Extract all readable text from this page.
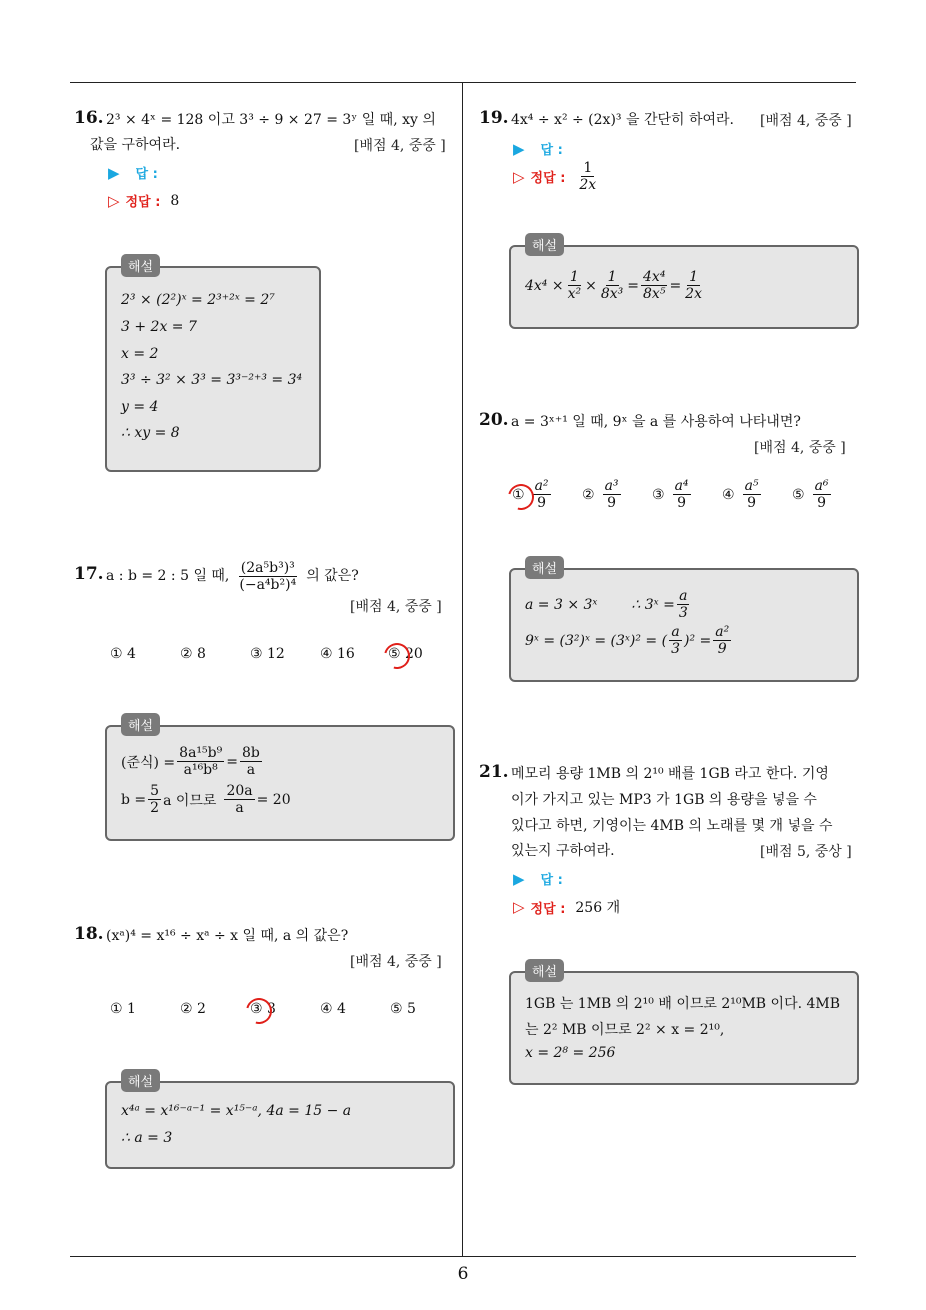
6
16. 2³ × 4ˣ = 128 이고 3³ ÷ 9 × 27 = 3ʸ 일 때, xy 의
값을 구하여라.	[배점 4, 중중 ]
▶ 답 :
▷ 정답 : 8
해설
2³ × (2²)ˣ = 2³⁺²ˣ = 2⁷
3 + 2x = 7
x = 2
3³ ÷ 3² × 3³ = 3³⁻²⁺³ = 3⁴
y = 4
∴ xy = 8
17. a : b = 2 : 5 일 때, $\frac{\text{(2a⁵b³)³}}{\text{(−a⁴b²)⁴}}$ 의 값은?
[배점 4, 중중 ]
① 4	② 8	③ 12	④ 16 ⑤ 20
해설
(준식) = $\frac{\text{8a¹⁵b⁹}}{\text{a¹⁶b⁸}} = \frac{8b}{a}$
$b = \frac{5}{2}$ a 이므로 $\frac{20a}{a} = 20$
18. (xᵃ)⁴ = x¹⁶ ÷ xᵃ ÷ x 일 때, a 의 값은?
[배점 4, 중중 ]
① 1	② 2	③ 3	④ 4	⑤ 5
해설
x⁴ᵃ = x¹⁶⁻ᵃ⁻¹ = x¹⁵⁻ᵃ, 4a = 15 − a
∴ a = 3
19. 4x⁴ ÷ x² ÷ (2x)³ 을 간단히 하여라. [배점 4, 중중 ]
▶ 답 :
▷ 정답 : $\frac{1}{2x}$
해설
$4x^4 \times \frac{1}{\text{x²}} \times \frac{1}{\text{8x³}} = \frac{\text{4x⁴}}{\text{8x⁵}} = \frac{1}{2x}$
20. a = 3ˣ⁺¹ 일 때, 9ˣ 을 a 를 사용하여 나타내면?
[배점 4, 중중 ]
① $\frac{\text{a²}}{9}$ ② $\frac{\text{a³}}{9}$ ③ $\frac{\text{a⁴}}{9}$ ④ $\frac{\text{a⁵}}{9}$ ⑤ $\frac{\text{a⁶}}{9}$
해설
a = 3 × 3ˣ ∴ 3ˣ = $\frac{a}{3}$
9ˣ = (3²)ˣ = (3ˣ)² = ( $\frac{a}{3} )^2 = \frac{\text{a²}}{9}$
21. 메모리 용량 1MB 의 2¹⁰ 배를 1GB 라고 한다. 기영
이가 가지고 있는 MP3 가 1GB 의 용량을 넣을 수
있다고 하면, 기영이는 4MB 의 노래를 몇 개 넣을 수
있는지 구하여라.	[배점 5, 중상 ]
▶ 답 :
▷ 정답 : 256 개
해설
1GB 는 1MB 의 2¹⁰ 배 이므로 2¹⁰MB 이다. 4MB
는 2² MB 이므로 2² × x = 2¹⁰,
x = 2⁸ = 256
